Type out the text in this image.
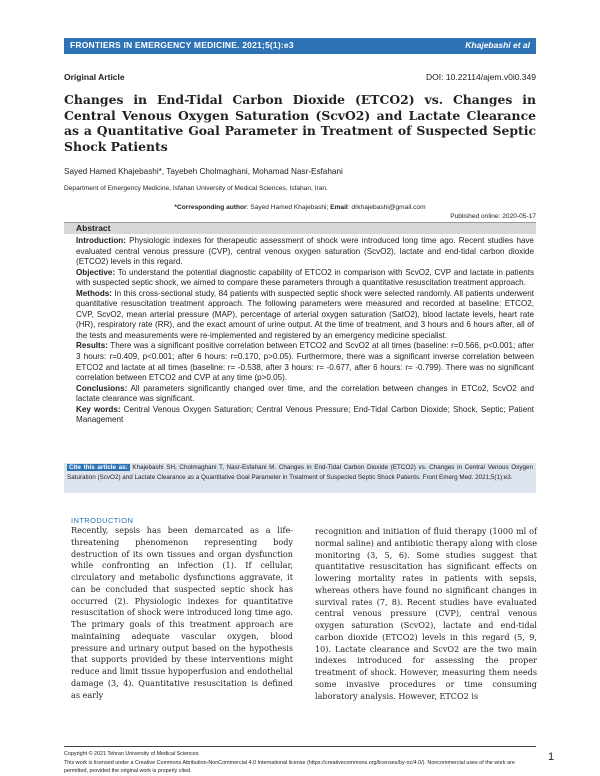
FRONTIERS IN EMERGENCY MEDICINE. 2021;5(1):e3	Khajebashi et al
Original Article	DOI: 10.22114/ajem.v0i0.349
Changes in End-Tidal Carbon Dioxide (ETCO2) vs. Changes in Central Venous Oxygen Saturation (ScvO2) and Lactate Clearance as a Quantitative Goal Parameter in Treatment of Suspected Septic Shock Patients
Sayed Hamed Khajebashi*, Tayebeh Cholmaghani, Mohamad Nasr-Esfahani
Department of Emergency Medicine, Isfahan University of Medical Sciences, Isfahan, Iran.
*Corresponding author: Sayed Hamed Khajebashi; Email: drkhajebashi@gmail.com
Published online: 2020-05-17
Abstract

Introduction: Physiologic indexes for therapeutic assessment of shock were introduced long time ago. Recent studies have evaluated central venous pressure (CVP), central venous oxygen saturation (ScvO2), lactate and end-tidal carbon dioxide (ETCO2) levels in this regard.

Objective: To understand the potential diagnostic capability of ETCO2 in comparison with ScvO2, CVP and lactate in patients with suspected septic shock, we aimed to compare these parameters through a quantitative resuscitation treatment approach.

Methods: In this cross-sectional study, 84 patients with suspected septic shock were selected randomly. All patients underwent quantitative resuscitation treatment approach. The following parameters were measured and recorded at baseline: ETCO2, CVP, ScvO2, mean arterial pressure (MAP), percentage of arterial oxygen saturation (SatO2), blood lactate levels, heart rate (HR), respiratory rate (RR), and the exact amount of urine output. At the time of treatment, and 3 hours and 6 hours after, all of the tests and measurements were re-implemented and registered by an emergency medicine specialist.

Results: There was a significant positive correlation between ETCO2 and ScvO2 at all times (baseline: r=0.566, p<0.001; after 3 hours: r=0.409, p<0.001; after 6 hours: r=0.170, p>0.05). Furthermore, there was a significant inverse correlation between ETCO2 and lactate at all times (baseline: r= -0.538, after 3 hours: r= -0.677, after 6 hours: r= -0.799). There was no significant correlation between ETCO2 and CVP at any time (p>0.05).

Conclusions: All parameters significantly changed over time, and the correlation between changes in ETCo2, ScvO2 and lactate clearance was significant.

Key words: Central Venous Oxygen Saturation; Central Venous Pressure; End-Tidal Carbon Dioxide; Shock, Septic; Patient Management

Cite this article as: Khajebashi SH, Cholmaghani T, Nasr-Esfahani M. Changes in End-Tidal Carbon Dioxide (ETCO2) vs. Changes in Central Venous Oxygen Saturation (ScvO2) and Lactate Clearance as a Quantitative Goal Parameter in Treatment of Suspected Septic Shock Patients. Front Emerg Med. 2021;5(1):e3.
INTRODUCTION
Recently, sepsis has been demarcated as a life-threatening phenomenon representing body destruction of its own tissues and organ dysfunction while confronting an infection (1). If cellular, circulatory and metabolic dysfunctions aggravate, it can be concluded that suspected septic shock has occurred (2). Physiologic indexes for quantitative resuscitation of shock were introduced long time ago. The primary goals of this treatment approach are maintaining adequate vascular oxygen, blood pressure and urinary output based on the hypothesis that supports provided by these interventions might reduce and limit tissue hypoperfusion and endothelial damage (3, 4). Quantitative resuscitation is defined as early
recognition and initiation of fluid therapy (1000 ml of normal saline) and antibiotic therapy along with close monitoring (3, 5, 6). Some studies suggest that quantitative resuscitation has significant effects on lowering mortality rates in patients with sepsis, whereas others have found no significant changes in survival rates (7, 8). Recent studies have evaluated central venous pressure (CVP), central venous oxygen saturation (ScvO2), lactate and end-tidal carbon dioxide (ETCO2) levels in this regard (5, 9, 10). Lactate clearance and ScvO2 are the two main indexes introduced for assessing the proper treatment of shock. However, measuring them needs some invasive procedures or time consuming laboratory analysis. However, ETCO2 is
Copyright © 2021 Tehran University of Medical Sciences
This work is licensed under a Creative Commons Attribution-NonCommercial 4.0 International license (https://creativecommons.org/licenses/by-nc/4.0/). Noncommercial uses of the work are permitted, provided the original work is properly cited.
1
